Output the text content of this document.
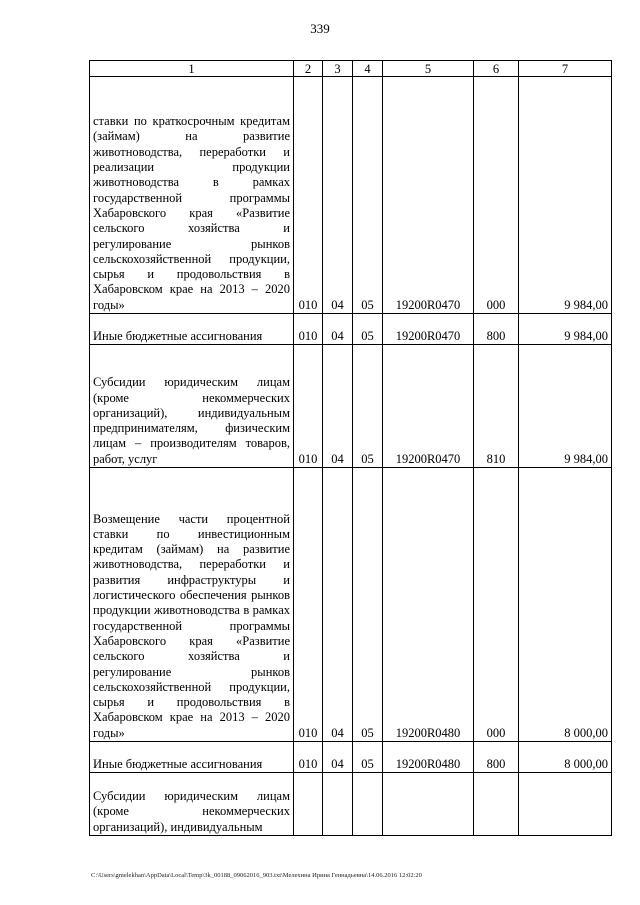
339
1	2	3	4	5	6	7
ставки по краткосрочным кредитам (займам) на развитие животноводства, переработки и реализации продукции животноводства в рамках государственной программы Хабаровского края «Развитие сельского хозяйства и регулирование рынков сельскохозяйственной продукции, сырья и продовольствия в Хабаровском крае на 2013 – 2020 годы»	010	04	05	19200R0470	000	9 984,00
Иные бюджетные ассигнования	010	04	05	19200R0470	800	9 984,00
Субсидии юридическим лицам (кроме некоммерческих организаций), индивидуальным предпринимателям, физическим лицам – производителям товаров, работ, услуг	010	04	05	19200R0470	810	9 984,00
Возмещение части процентной ставки по инвестиционным кредитам (займам) на развитие животноводства, переработки и развития инфраструктуры и логистического обеспечения рынков продукции животноводства в рамках государственной программы Хабаровского края «Развитие сельского хозяйства и регулирование рынков сельскохозяйственной продукции, сырья и продовольствия в Хабаровском крае на 2013 – 2020 годы»	010	04	05	19200R0480	000	8 000,00
Иные бюджетные ассигнования	010	04	05	19200R0480	800	8 000,00
Субсидии юридическим лицам (кроме некоммерческих организаций), индивидуальным						
C:\Users\gmelekhan\AppData\Local\Temp\3k_00188_09062016_903.txt\Мелехина Ирина Геннадьевна\14.06.2016 12:02:20
